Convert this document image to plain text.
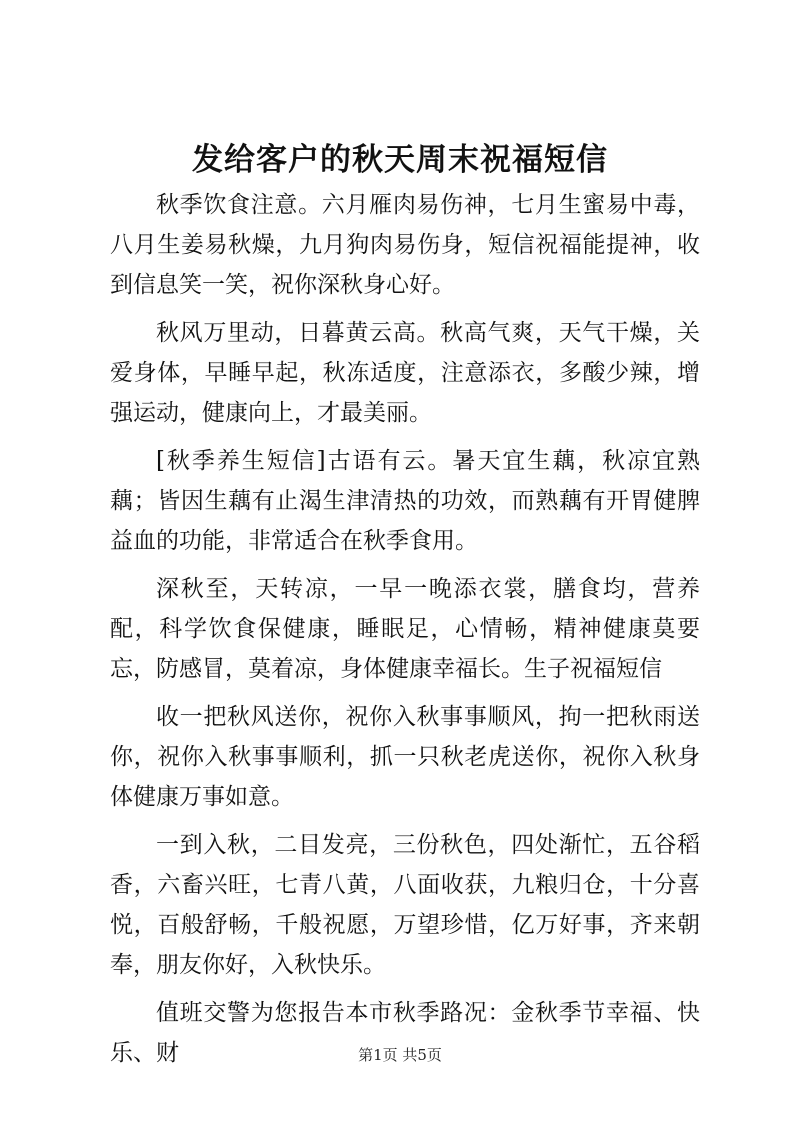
发给客户的秋天周末祝福短信

秋季饮食注意。六月雁肉易伤神，七月生蜜易中毒，八月生姜易秋燥，九月狗肉易伤身，短信祝福能提神，收到信息笑一笑，祝你深秋身心好。

秋风万里动，日暮黄云高。秋高气爽，天气干燥，关爱身体，早睡早起，秋冻适度，注意添衣，多酸少辣，增强运动，健康向上，才最美丽。

[秋季养生短信]古语有云。暑天宜生藕，秋凉宜熟藕；皆因生藕有止渴生津清热的功效，而熟藕有开胃健脾益血的功能，非常适合在秋季食用。

深秋至，天转凉，一早一晚添衣裳，膳食均，营养配，科学饮食保健康，睡眠足，心情畅，精神健康莫要忘，防感冒，莫着凉，身体健康幸福长。生子祝福短信

收一把秋风送你，祝你入秋事事顺风，拘一把秋雨送你，祝你入秋事事顺利，抓一只秋老虎送你，祝你入秋身体健康万事如意。

一到入秋，二目发亮，三份秋色，四处渐忙，五谷稻香，六畜兴旺，七青八黄，八面收获，九粮归仓，十分喜悦，百般舒畅，千般祝愿，万望珍惜，亿万好事，齐来朝奉，朋友你好，入秋快乐。

值班交警为您报告本市秋季路况：金秋季节幸福、快乐、财	第1页 共5页
